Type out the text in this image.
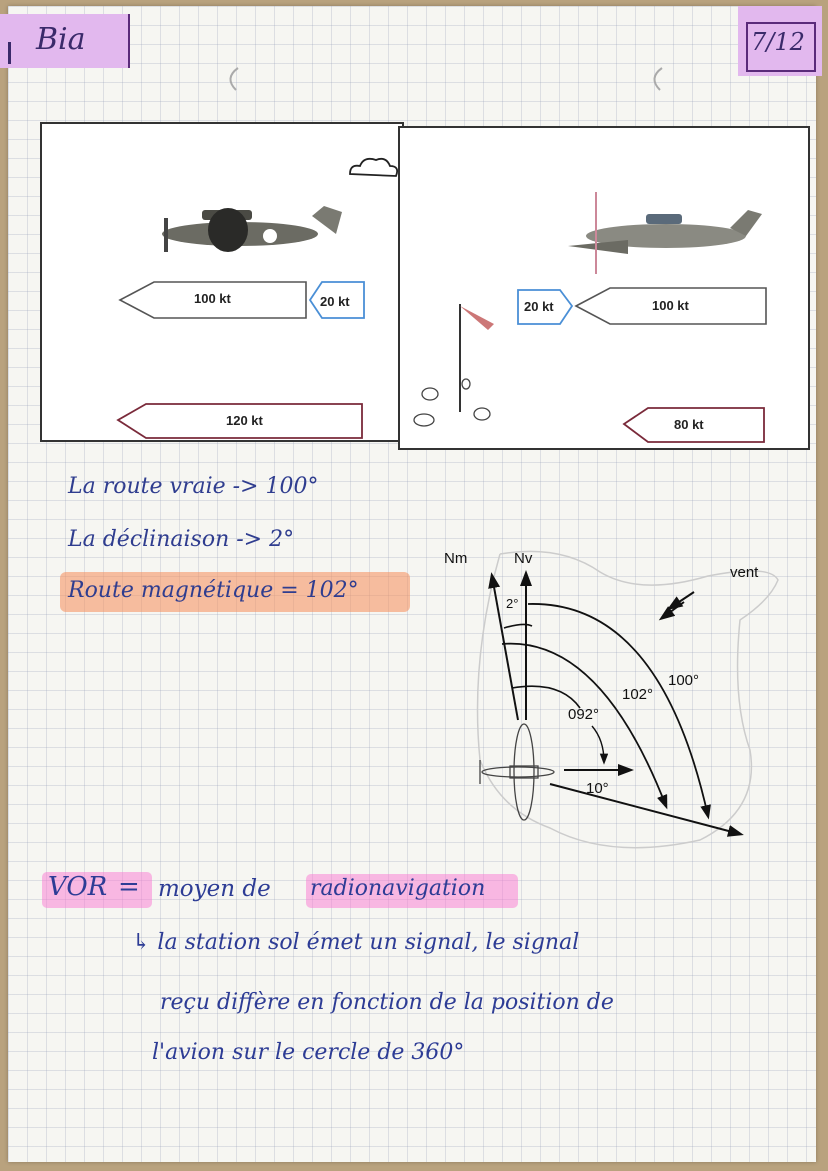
Bia	7/12
100 kt	20 kt
120 kt
20 kt	100 kt
80 kt
La route vraie -> 100°
La déclinaison -> 2°
Route magnétique = 102°
Nm	Nv
vent
2°
092°
102°
100°
10°
VOR = moyen de radionavigation
↳ la station sol émet un signal, le signal
reçu diffère en fonction de la position de
l'avion sur le cercle de 360°
